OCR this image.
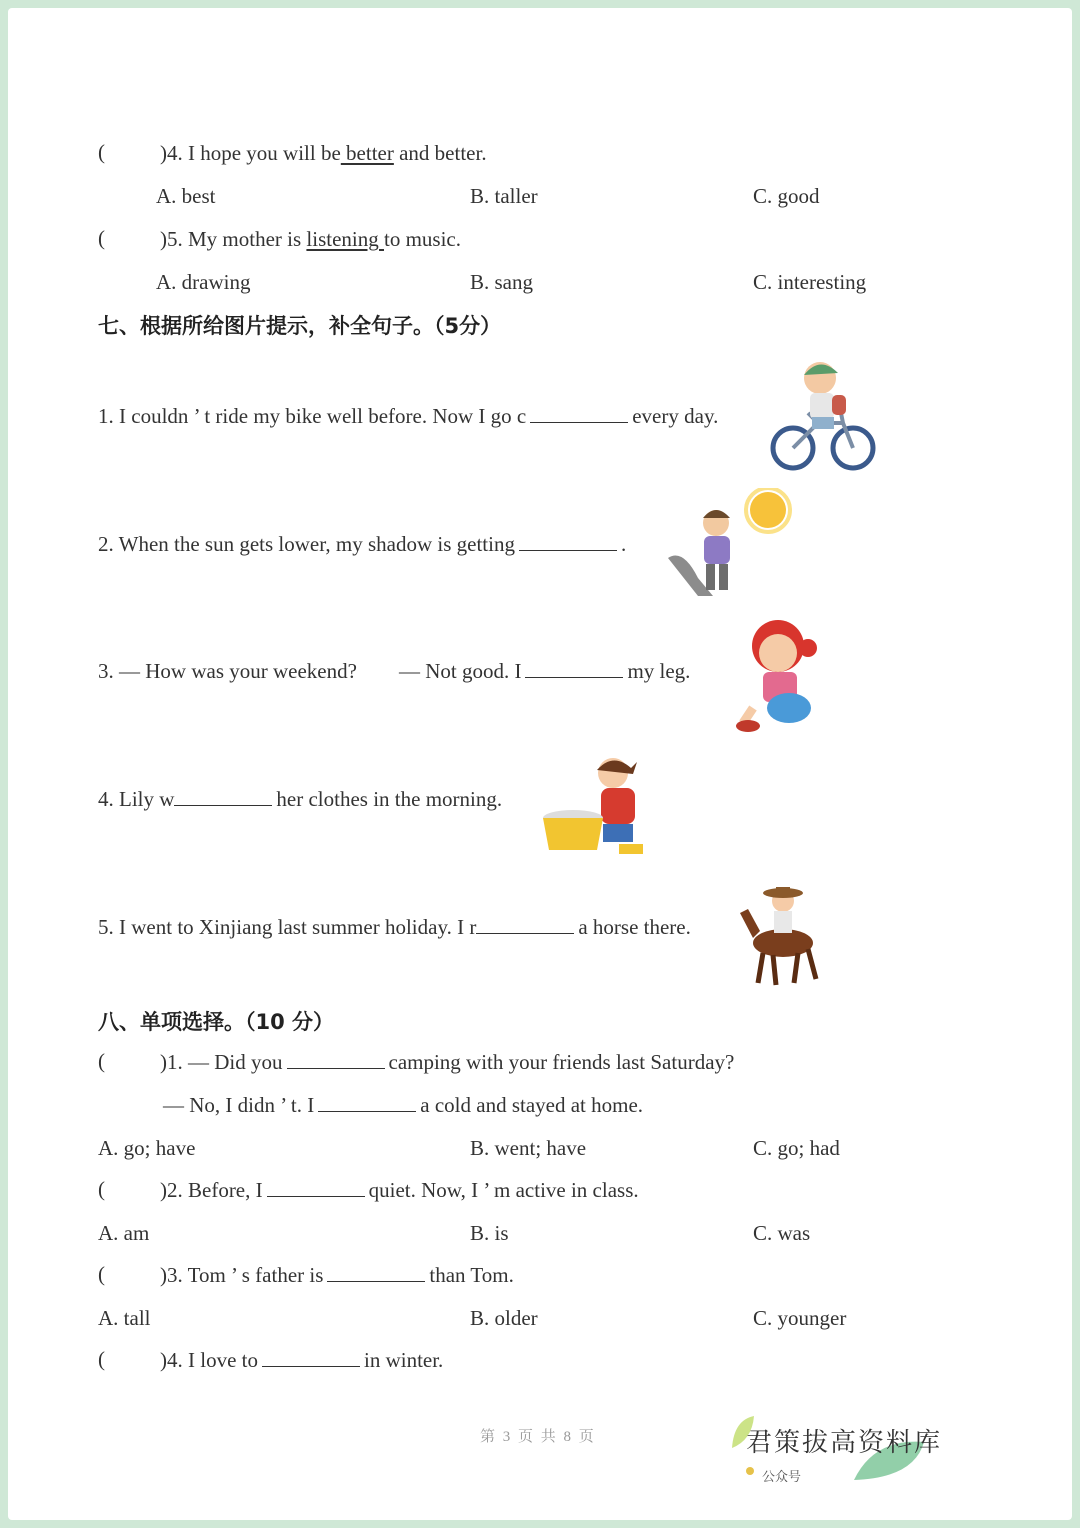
(	)4. I hope you will be better and better.
A. best	B. taller	C. good
(	)5. My mother is listening to music.
A. drawing	B. sang	C. interesting
七、根据所给图片提示，补全句子。（5分）
1. I couldn ’ t ride my bike well before. Now I go c	every day.
2. When the sun gets lower, my shadow is getting	.
3. — How was your weekend? — Not good. I	my leg.
4. Lily w	her clothes in the morning.
5. I went to Xinjiang last summer holiday. I r	a horse there.
八、单项选择。（10 分）
(	)1. — Did you	camping with your friends last Saturday?
— No, I didn ’ t. I	a cold and stayed at home.
A. go; have	B. went; have	C. go; had
(	)2. Before, I	quiet. Now, I ’ m active in class.
A. am	B. is	C. was
(	)3. Tom ’ s father is	than Tom.
A. tall	B. older	C. younger
(	)4. I love to	in winter.
第 3 页 共 8 页	君策拔高资料库
公众号
